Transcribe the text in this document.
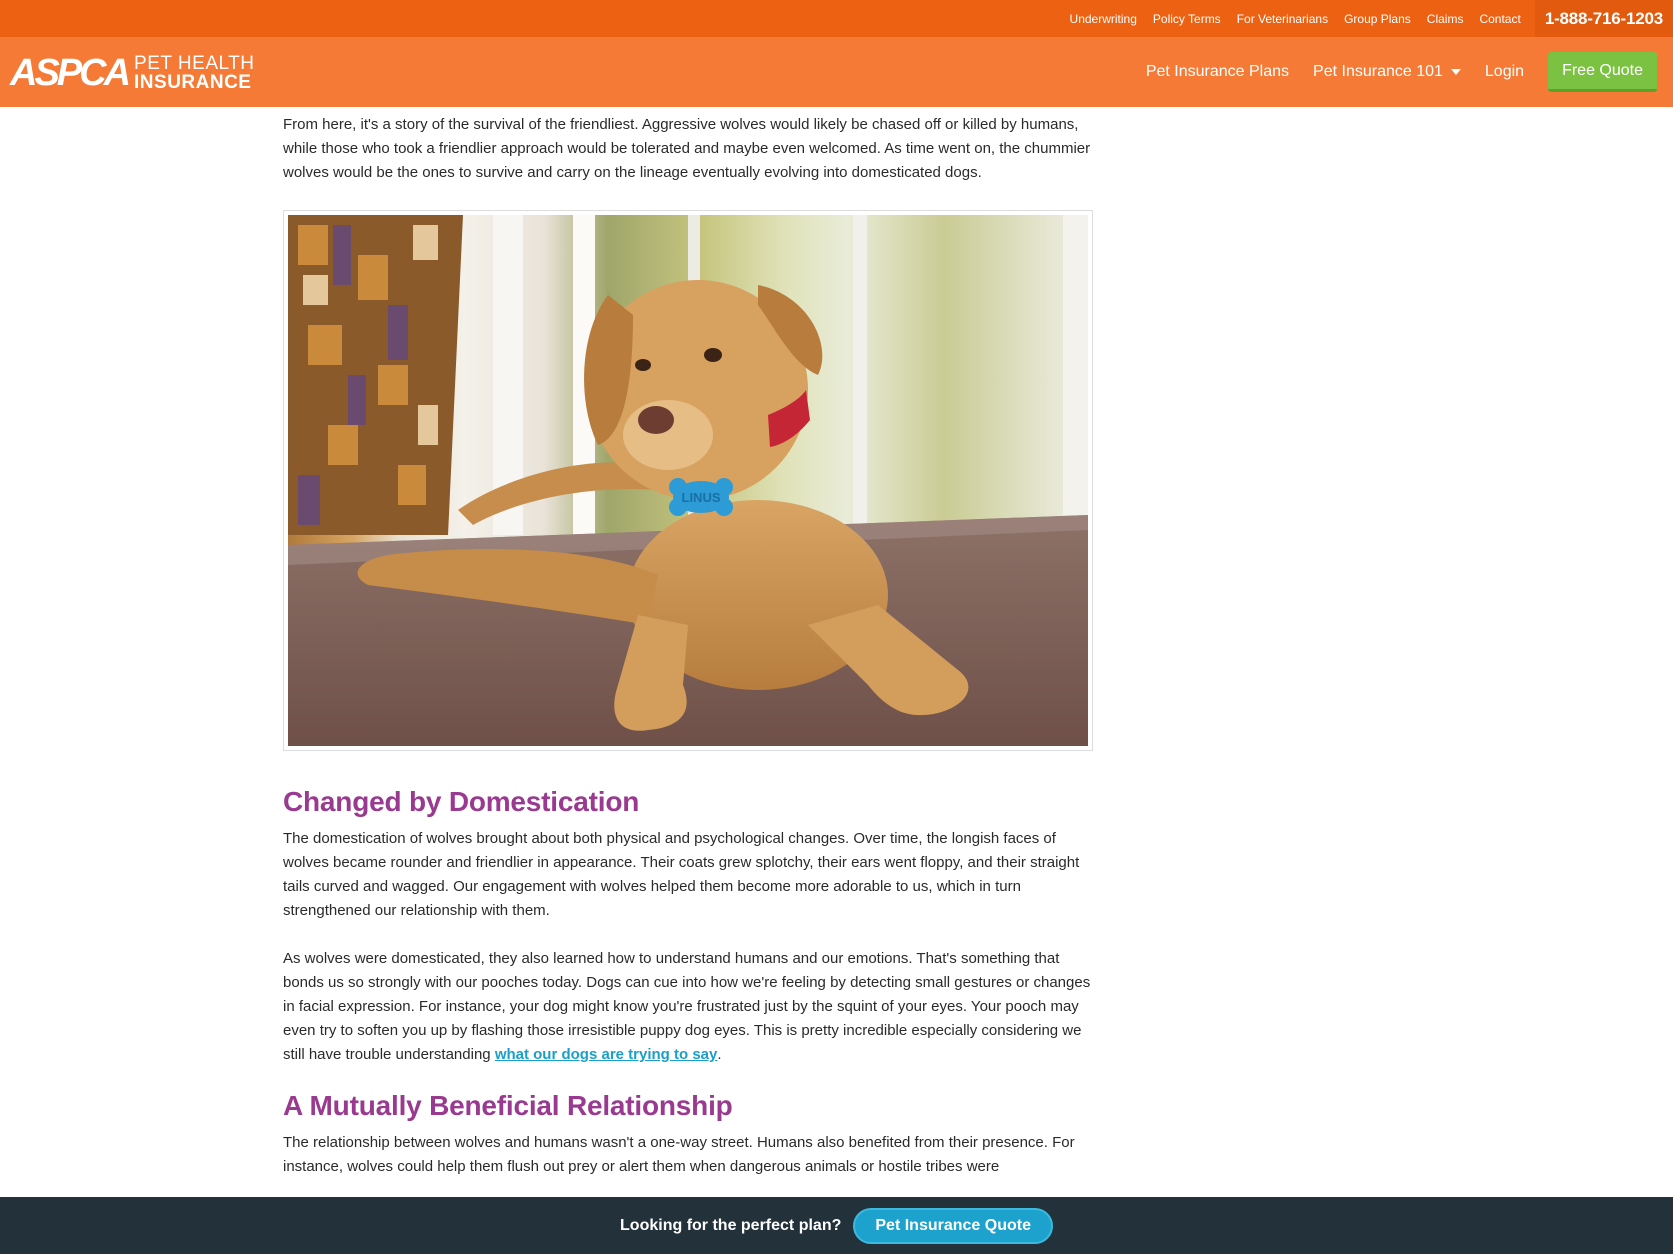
Underwriting Policy Terms For Veterinarians Group Plans Claims Contact	1-888-716-1203
ASPCA PET HEALTH
INSURANCE
Pet Insurance Plans Pet Insurance 101	Login	Free Quote

From here, it's a story of the survival of the friendliest. Aggressive wolves would likely be chased off or killed by humans, while those who took a friendlier approach would be tolerated and maybe even welcomed. As time went on, the chummier wolves would be the ones to survive and carry on the lineage eventually evolving into domesticated dogs.

LINUS
Changed by Domestication

The domestication of wolves brought about both physical and psychological changes. Over time, the longish faces of wolves became rounder and friendlier in appearance. Their coats grew splotchy, their ears went floppy, and their straight tails curved and wagged. Our engagement with wolves helped them become more adorable to us, which in turn strengthened our relationship with them.

As wolves were domesticated, they also learned how to understand humans and our emotions. That's something that bonds us so strongly with our pooches today. Dogs can cue into how we're feeling by detecting small gestures or changes in facial expression. For instance, your dog might know you're frustrated just by the squint of your eyes. Your pooch may even try to soften you up by flashing those irresistible puppy dog eyes. This is pretty incredible especially considering we still have trouble understanding what our dogs are trying to say.

A Mutually Beneficial Relationship

The relationship between wolves and humans wasn't a one-way street. Humans also benefited from their presence. For instance, wolves could help them flush out prey or alert them when dangerous animals or hostile tribes were

Looking for the perfect plan?	Pet Insurance Quote
